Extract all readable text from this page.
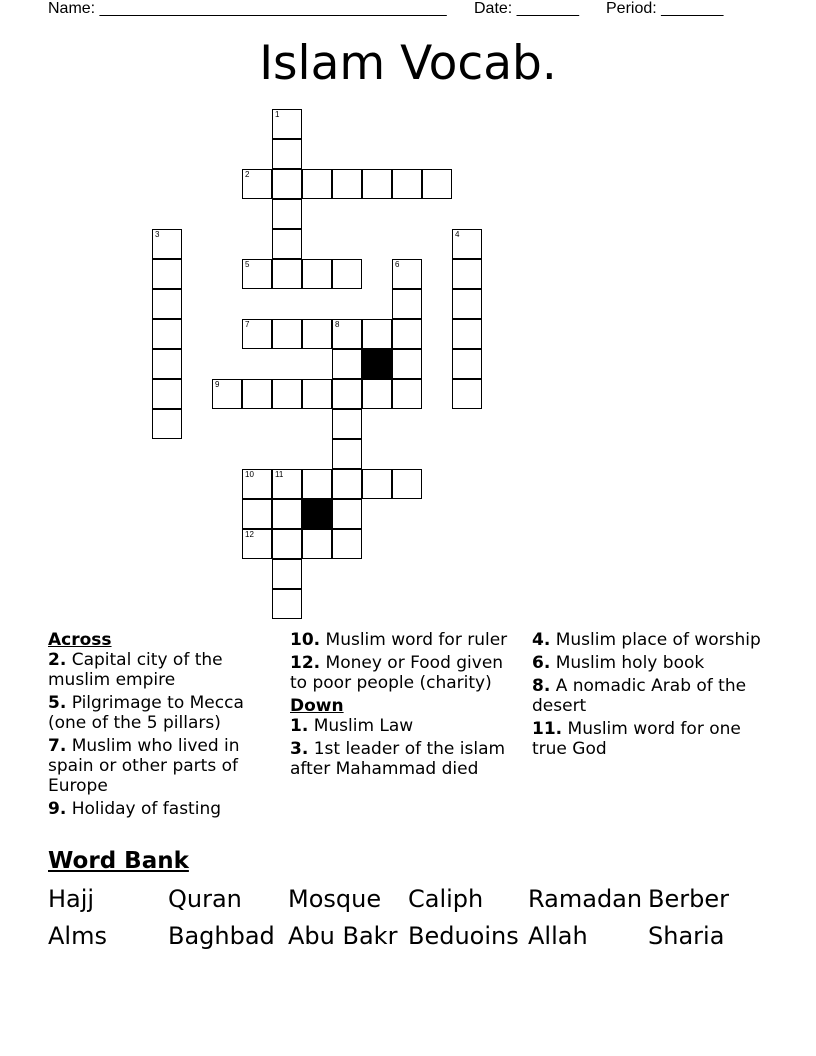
Name: _______________________________________ Date: _______ Period: _______
Islam Vocab.
1
2
3	4
5	6
7	8
9
10	11
12
Across
2. Capital city of the muslim empire
5. Pilgrimage to Mecca (one of the 5 pillars)
7. Muslim who lived in spain or other parts of Europe
9. Holiday of fasting
10. Muslim word for ruler
12. Money or Food given to poor people (charity)
Down
1. Muslim Law
3. 1st leader of the islam after Mahammad died
4. Muslim place of worship
6. Muslim holy book
8. A nomadic Arab of the desert
11. Muslim word for one true God
Word Bank
Hajj	Quran Mosque Caliph Ramadan Berber
Alms	Baghbad Abu Bakr Beduoins Allah	Sharia
